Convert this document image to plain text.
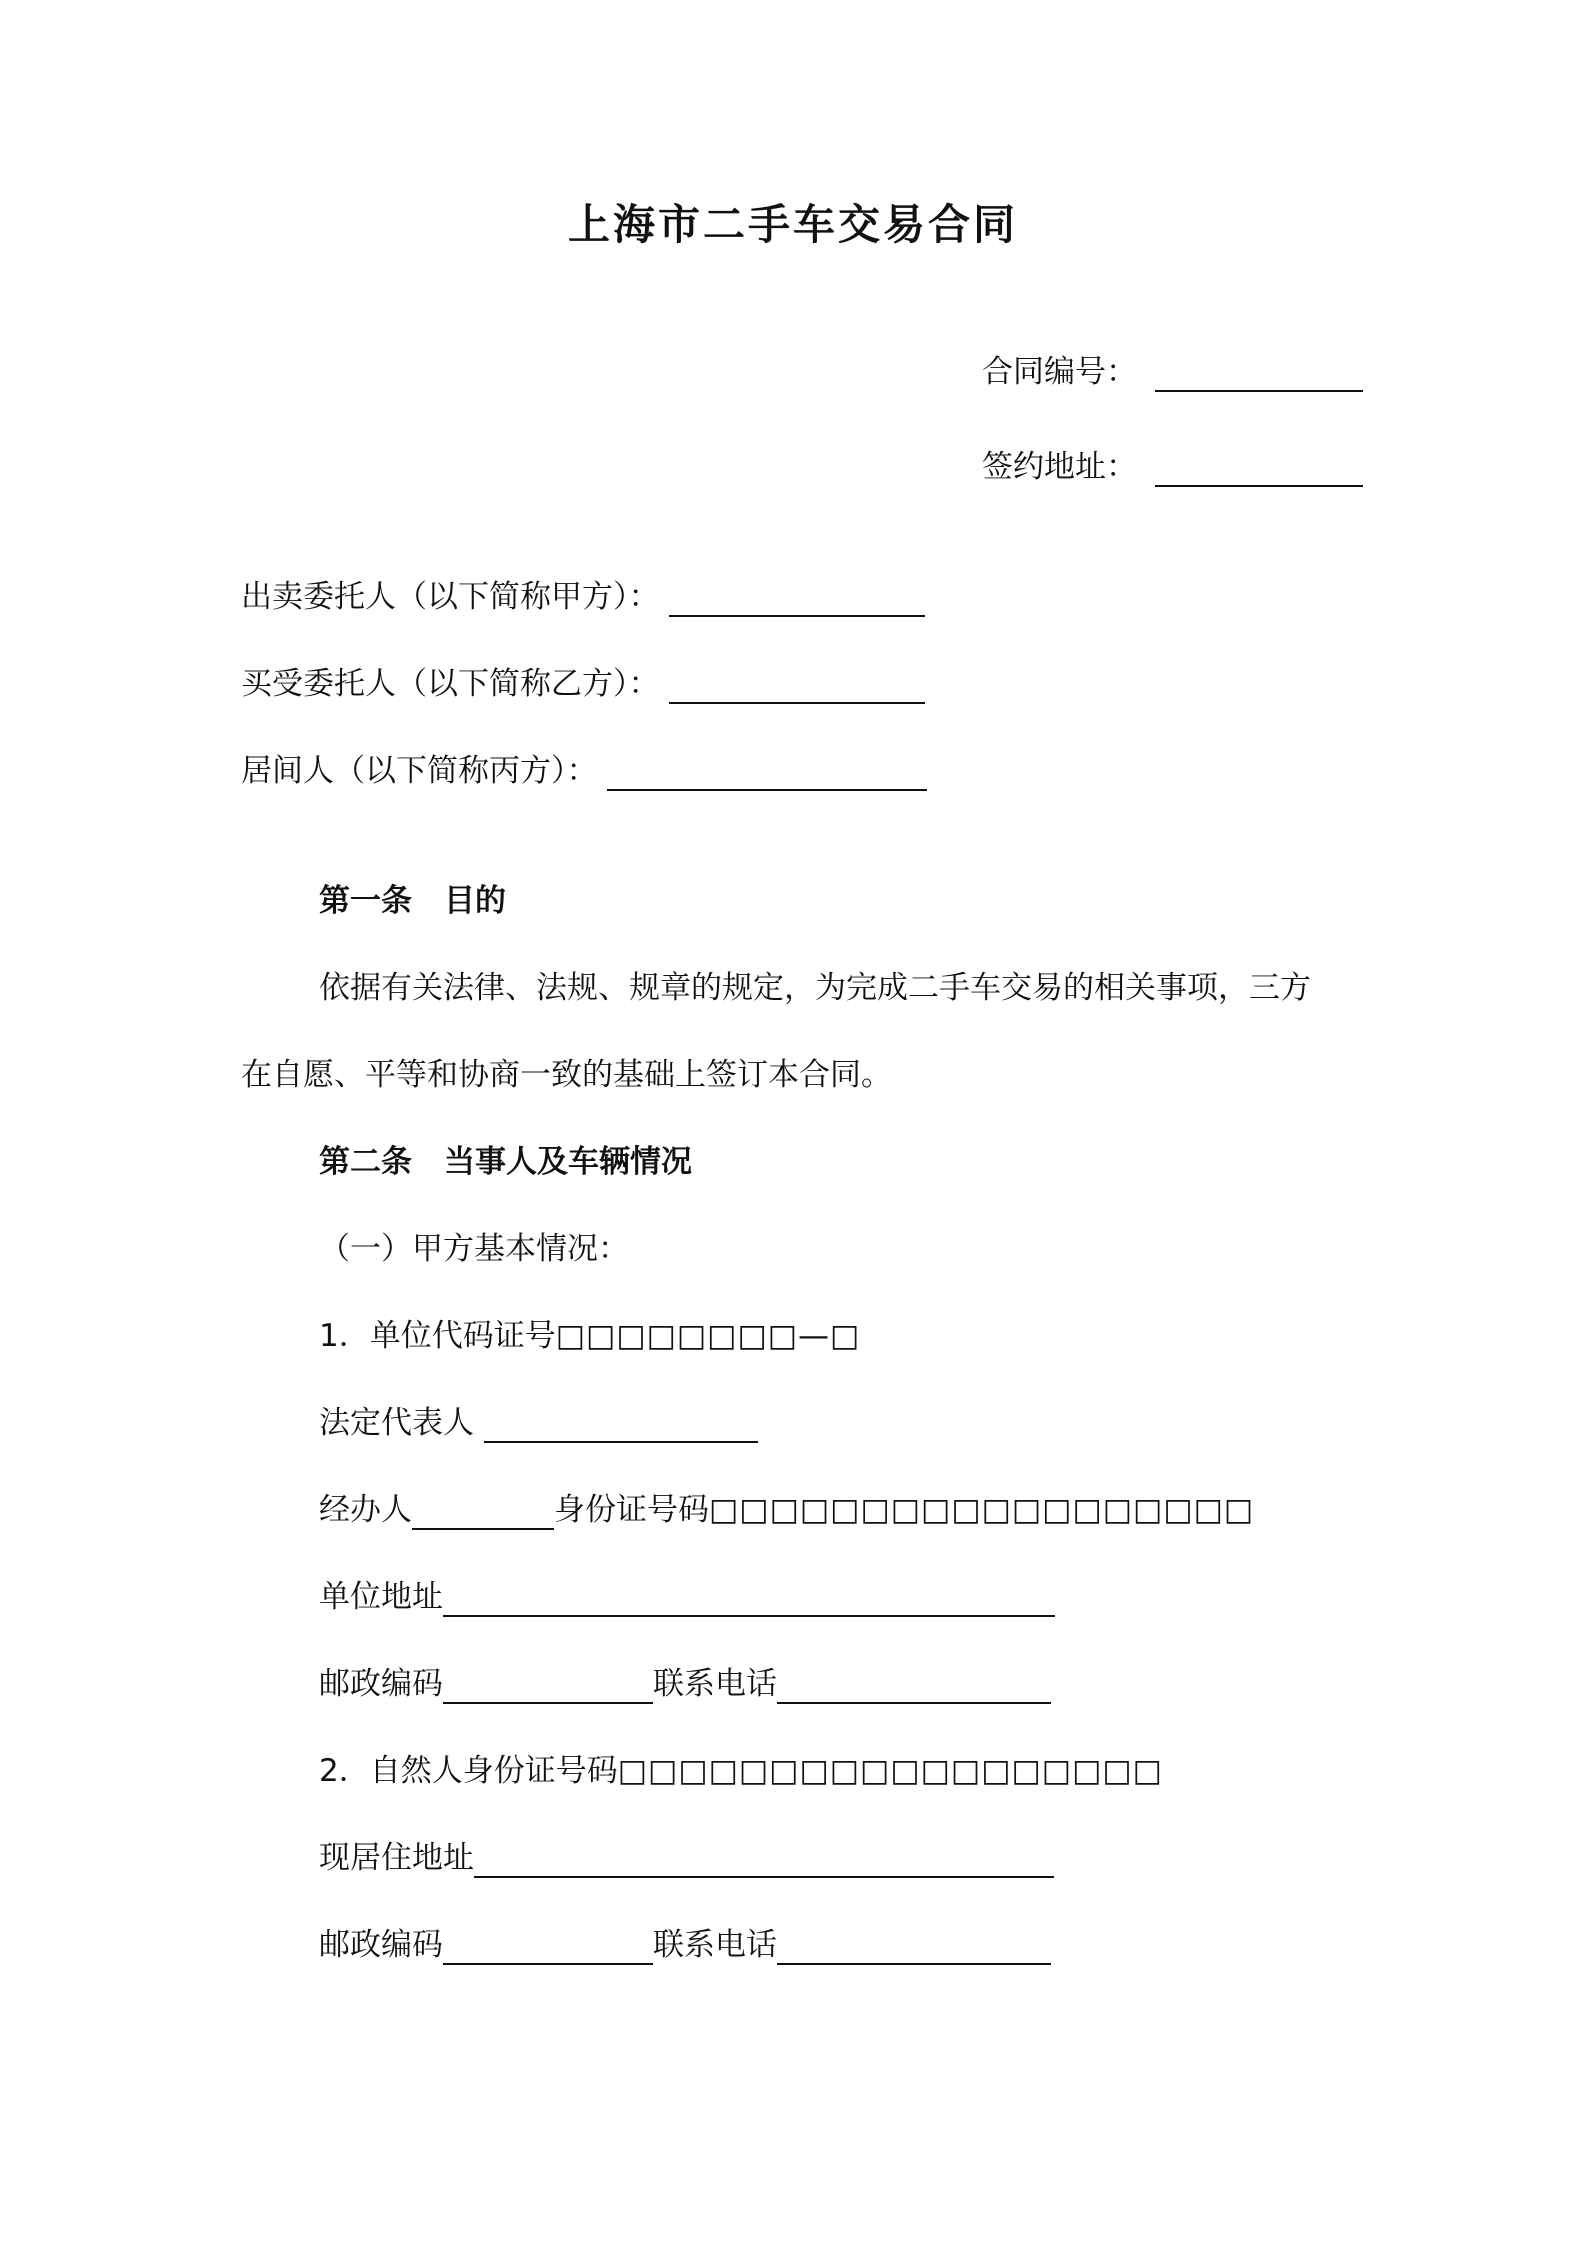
上海市二手车交易合同
合同编号：
签约地址：
出卖委托人（以下简称甲方）：
买受委托人（以下简称乙方）：
居间人（以下简称丙方）：
第一条 目的
依据有关法律、法规、规章的规定，为完成二手车交易的相关事项，三方
在自愿、平等和协商一致的基础上签订本合同。
第二条 当事人及车辆情况
（一）甲方基本情况：
1．单位代码证号□□□□□□□□—□
法定代表人
经办人	身份证号码□□□□□□□□□□□□□□□□□□
单位地址
邮政编码	联系电话
2．自然人身份证号码□□□□□□□□□□□□□□□□□□
现居住地址
邮政编码	联系电话
